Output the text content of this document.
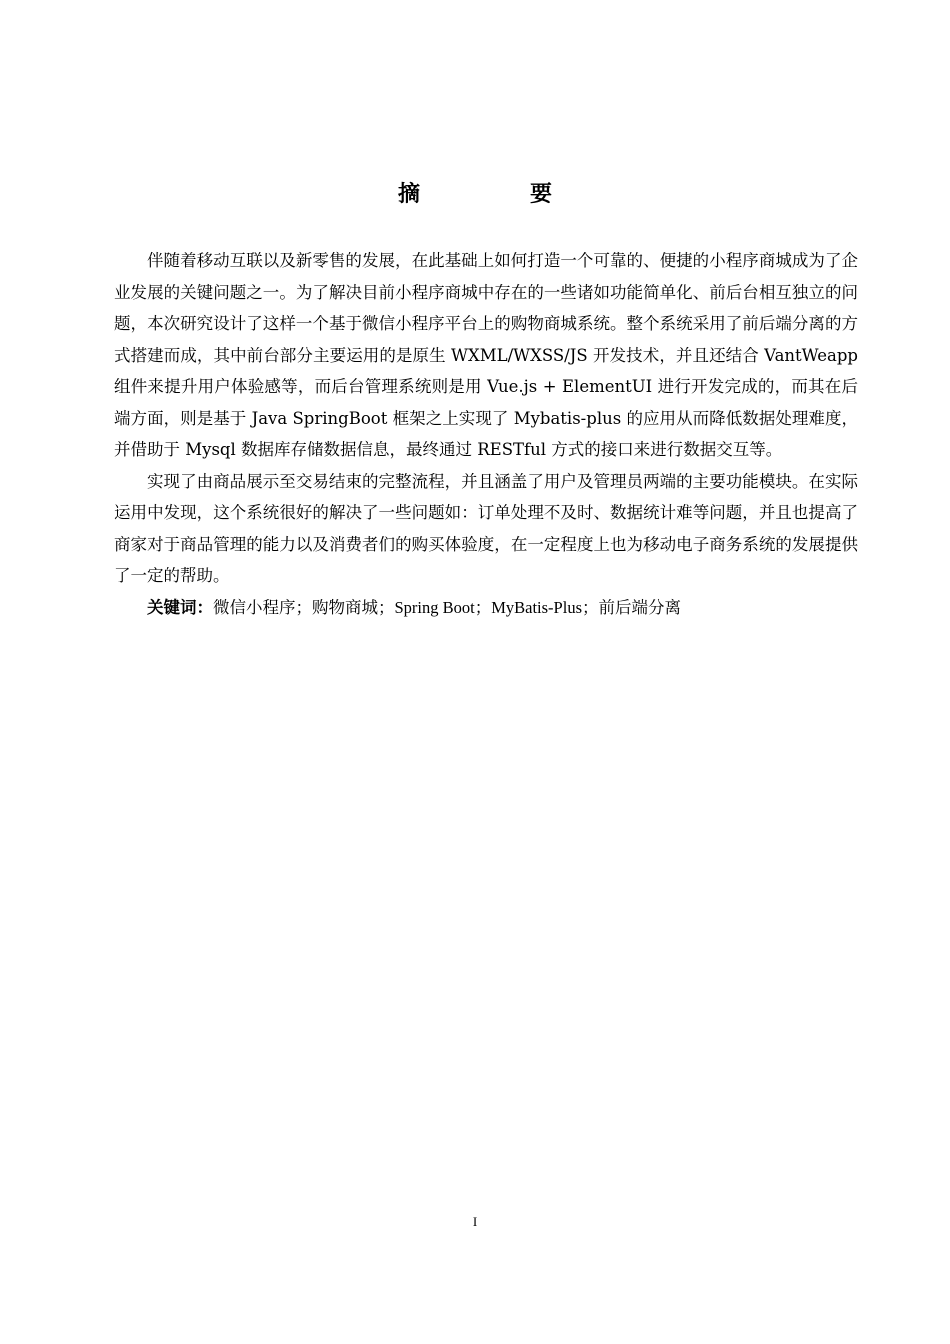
摘　要

伴随着移动互联以及新零售的发展，在此基础上如何打造一个可靠的、便捷的小程序商城成为了企业发展的关键问题之一。为了解决目前小程序商城中存在的一些诸如功能简单化、前后台相互独立的问题，本次研究设计了这样一个基于微信小程序平台上的购物商城系统。整个系统采用了前后端分离的方式搭建而成，其中前台部分主要运用的是原生 WXML/WXSS/JS 开发技术，并且还结合 VantWeapp 组件来提升用户体验感等，而后台管理系统则是用 Vue.js + ElementUI 进行开发完成的，而其在后端方面，则是基于 Java SpringBoot 框架之上实现了 Mybatis-plus 的应用从而降低数据处理难度，并借助于 Mysql 数据库存储数据信息，最终通过 RESTful 方式的接口来进行数据交互等。

实现了由商品展示至交易结束的完整流程，并且涵盖了用户及管理员两端的主要功能模块。在实际运用中发现，这个系统很好的解决了一些问题如：订单处理不及时、数据统计难等问题，并且也提高了商家对于商品管理的能力以及消费者们的购买体验度，在一定程度上也为移动电子商务系统的发展提供了一定的帮助。

关键词：微信小程序；购物商城；Spring Boot；MyBatis-Plus；前后端分离

I
